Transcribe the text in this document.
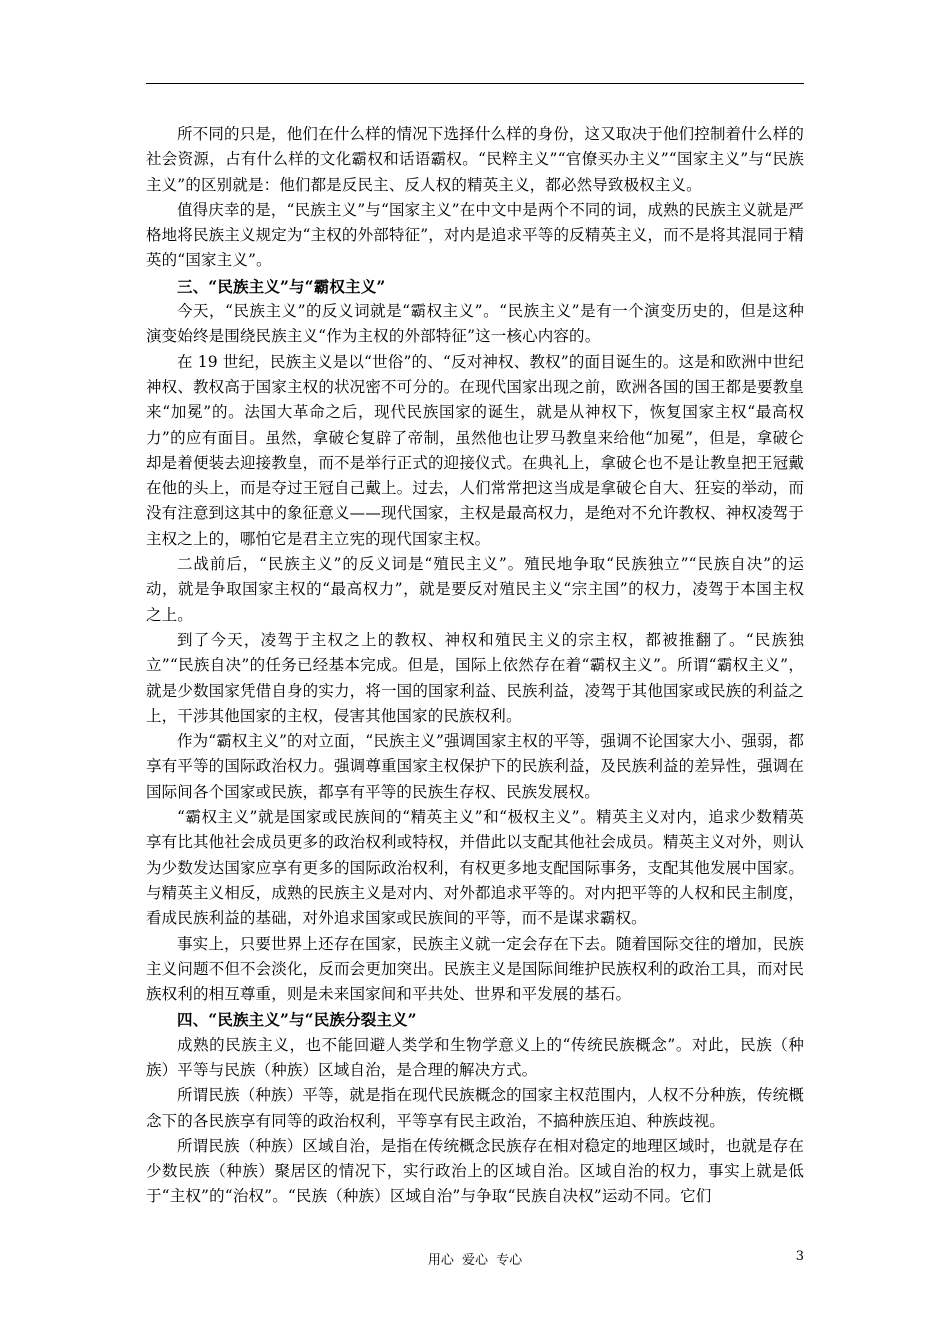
所不同的只是，他们在什么样的情况下选择什么样的身份，这又取决于他们控制着什么样的社会资源，占有什么样的文化霸权和话语霸权。“民粹主义”“官僚买办主义”“国家主义”与“民族主义”的区别就是：他们都是反民主、反人权的精英主义，都必然导致极权主义。

值得庆幸的是，“民族主义”与“国家主义”在中文中是两个不同的词，成熟的民族主义就是严格地将民族主义规定为“主权的外部特征”，对内是追求平等的反精英主义，而不是将其混同于精英的“国家主义”。

三、“民族主义”与“霸权主义”

今天，“民族主义”的反义词就是“霸权主义”。“民族主义”是有一个演变历史的，但是这种演变始终是围绕民族主义“作为主权的外部特征”这一核心内容的。

在 19 世纪，民族主义是以“世俗”的、“反对神权、教权”的面目诞生的。这是和欧洲中世纪神权、教权高于国家主权的状况密不可分的。在现代国家出现之前，欧洲各国的国王都是要教皇来“加冕”的。法国大革命之后，现代民族国家的诞生，就是从神权下，恢复国家主权“最高权力”的应有面目。虽然，拿破仑复辟了帝制，虽然他也让罗马教皇来给他“加冕”，但是，拿破仑却是着便装去迎接教皇，而不是举行正式的迎接仪式。在典礼上，拿破仑也不是让教皇把王冠戴在他的头上，而是夺过王冠自己戴上。过去，人们常常把这当成是拿破仑自大、狂妄的举动，而没有注意到这其中的象征意义——现代国家，主权是最高权力，是绝对不允许教权、神权凌驾于主权之上的，哪怕它是君主立宪的现代国家主权。

二战前后，“民族主义”的反义词是“殖民主义”。殖民地争取“民族独立”“民族自决”的运动，就是争取国家主权的“最高权力”，就是要反对殖民主义“宗主国”的权力，凌驾于本国主权之上。

到了今天，凌驾于主权之上的教权、神权和殖民主义的宗主权，都被推翻了。“民族独立”“民族自决”的任务已经基本完成。但是，国际上依然存在着“霸权主义”。所谓“霸权主义”，就是少数国家凭借自身的实力，将一国的国家利益、民族利益，凌驾于其他国家或民族的利益之上，干涉其他国家的主权，侵害其他国家的民族权利。

作为“霸权主义”的对立面，“民族主义”强调国家主权的平等，强调不论国家大小、强弱，都享有平等的国际政治权力。强调尊重国家主权保护下的民族利益，及民族利益的差异性，强调在国际间各个国家或民族，都享有平等的民族生存权、民族发展权。

“霸权主义”就是国家或民族间的“精英主义”和“极权主义”。精英主义对内，追求少数精英享有比其他社会成员更多的政治权利或特权，并借此以支配其他社会成员。精英主义对外，则认为少数发达国家应享有更多的国际政治权利，有权更多地支配国际事务，支配其他发展中国家。与精英主义相反，成熟的民族主义是对内、对外都追求平等的。对内把平等的人权和民主制度，看成民族利益的基础，对外追求国家或民族间的平等，而不是谋求霸权。

事实上，只要世界上还存在国家，民族主义就一定会存在下去。随着国际交往的增加，民族主义问题不但不会淡化，反而会更加突出。民族主义是国际间维护民族权利的政治工具，而对民族权利的相互尊重，则是未来国家间和平共处、世界和平发展的基石。

四、“民族主义”与“民族分裂主义”

成熟的民族主义，也不能回避人类学和生物学意义上的“传统民族概念”。对此，民族（种族）平等与民族（种族）区域自治，是合理的解决方式。

所谓民族（种族）平等，就是指在现代民族概念的国家主权范围内，人权不分种族，传统概念下的各民族享有同等的政治权利，平等享有民主政治，不搞种族压迫、种族歧视。

所谓民族（种族）区域自治，是指在传统概念民族存在相对稳定的地理区域时，也就是存在少数民族（种族）聚居区的情况下，实行政治上的区域自治。区域自治的权力，事实上就是低于“主权”的“治权”。“民族（种族）区域自治”与争取“民族自决权”运动不同。它们

用心 爱心 专心	3
